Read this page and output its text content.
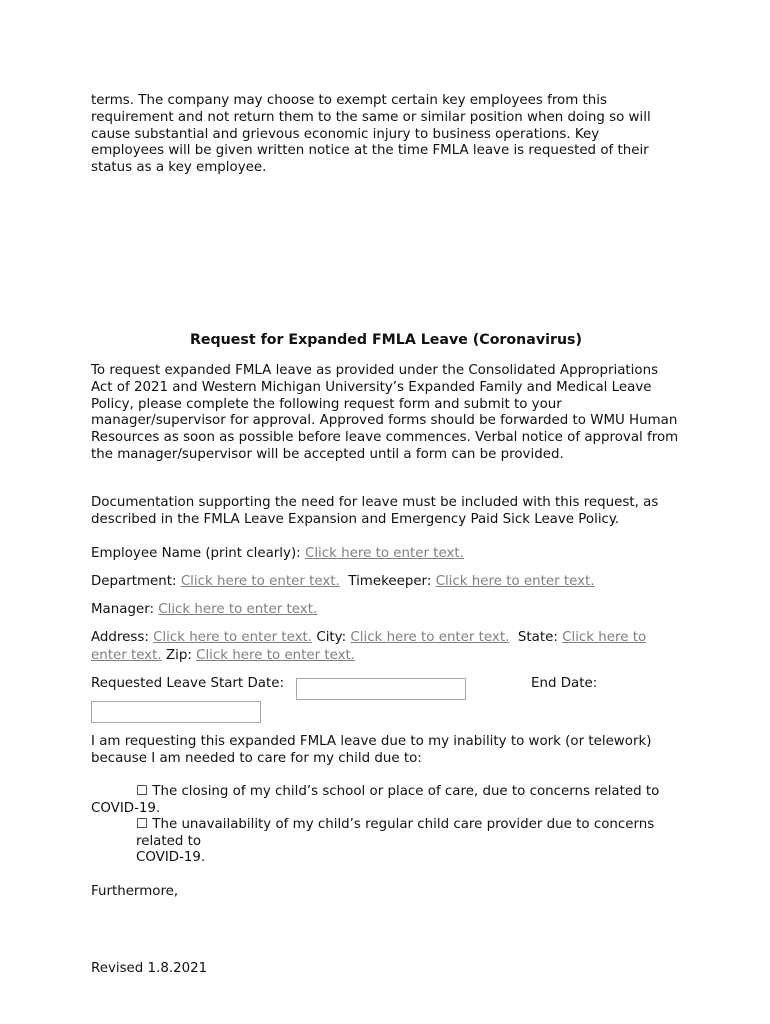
terms. The company may choose to exempt certain key employees from this requirement and not return them to the same or similar position when doing so will cause substantial and grievous economic injury to business operations. Key employees will be given written notice at the time FMLA leave is requested of their status as a key employee.

Request for Expanded FMLA Leave (Coronavirus)

To request expanded FMLA leave as provided under the Consolidated Appropriations Act of 2021 and Western Michigan University’s Expanded Family and Medical Leave Policy, please complete the following request form and submit to your manager/supervisor for approval. Approved forms should be forwarded to WMU Human Resources as soon as possible before leave commences. Verbal notice of approval from the manager/supervisor will be accepted until a form can be provided.

Documentation supporting the need for leave must be included with this request, as described in the FMLA Leave Expansion and Emergency Paid Sick Leave Policy.

Employee Name (print clearly): Click here to enter text.
Department: Click here to enter text. Timekeeper: Click here to enter text.
Manager: Click here to enter text.
Address: Click here to enter text. City: Click here to enter text. State: Click here to
enter text. Zip: Click here to enter text.
Requested Leave Start Date:	End Date:

I am requesting this expanded FMLA leave due to my inability to work (or telework) because I am needed to care for my child due to:

☐ The closing of my child’s school or place of care, due to concerns related to
COVID-19.
☐ The unavailability of my child’s regular child care provider due to concerns
related to
COVID-19.
Furthermore,
Revised 1.8.2021
